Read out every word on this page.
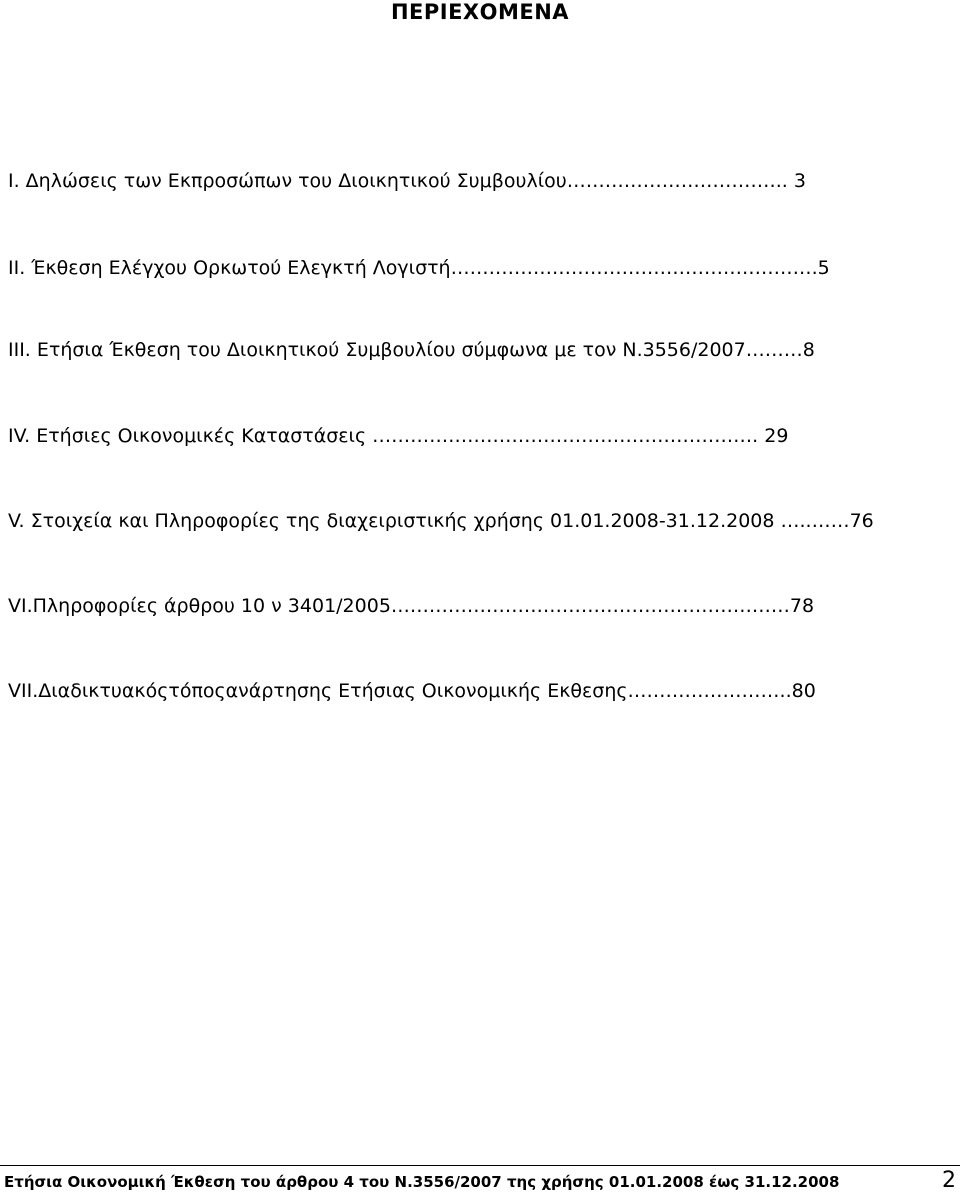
ΠΕΡΙΕΧΟΜΕΝΑ
I. Δηλώσεις των Εκπροσώπων του Διοικητικού Συμβουλίου…………………………….. 3
II. Έκθεση Ελέγχου Ορκωτού Ελεγκτή Λογιστή………………………………………………….5
III. Ετήσια Έκθεση του Διοικητικού Συμβουλίου σύμφωνα με τον Ν.3556/2007………8
IV. Ετήσιες Οικονομικές Καταστάσεις ……………………………………………………. 29
V. Στοιχεία και Πληροφορίες της διαχειριστικής χρήσης 01.01.2008-31.12.2008 …..……76
VI.Πληροφορίες άρθρου 10 ν 3401/2005………………………………………………………78
VII.Διαδικτυακόςτόποςανάρτησης Ετήσιας Οικονομικής Εκθεσης……………………..80
Ετήσια Οικονομική Έκθεση του άρθρου 4 του Ν.3556/2007 της χρήσης 01.01.2008 έως 31.12.2008	2
